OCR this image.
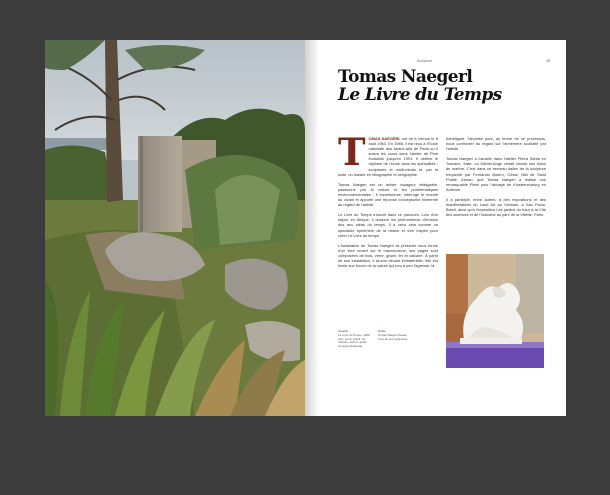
Sculpture	55
Tomas Naegerl
Le Livre du Temps

TOMAS NAEGERL est né à Vienne le 8 août 1963. En 1986, il est reçu à l'École nationale des beaux-arts de Paris où il suivra les cours dans l'atelier de Piotr Kowalski jusqu'en 1991. Il obtient le diplôme de l'école dans les spécialités : sculptures et multi-média et, par la suite, un master en lithographie et sérigraphie.

Tomas Naegerl est un artiste voyageur infatigable, passionné par la nature et les problématiques environnementales ; il expérimente, interroge le monde du vivant et apporte une réponse conceptuelle inhérente au regard de l'artiste.

Le Livre du Temps s'inscrit dans ce parcours. Lors d'un séjour en Afrique, il observe les phénomènes d'érosion dus aux aléas du temps. Il a vécu cela comme un spectacle éphémère de la nature et s'en inspire pour créer Le Livre du temps.

L'installation de Tomas Naegerl se présente sous forme d'un livre ouvert sur le macrocosme, ses pages sont composées de bois, verre, granit, fer et calcaire. À partir de son installation, il œuvre devant immatérielle, elle est livrée aux forces de la nature qui peu à peu l'agresse, la

transfigure, l'atomise pour, au terme de ce processus, nous confronter au regard sur l'éphémère souhaité par l'artiste.

Tomas Naegerl a travaillé dans l'atelier Pietra Santa en Toscane, Italie, où Michel-Ange venait choisir ses blocs de marbre. C'est dans ce berceau italien de la sculpture fréquenté par Fernando Botero, César, Niki de Saint Phalle, Arman, que Tomas Naegerl a réalisé une remarquable Pietà pour l'abbaye de Klosterneuburg en Autriche.

Il a participé, entre autres, à des expositions et des manifestations du Land Art au Vietnam, à Sao Paulo, Brésil, ainsi qu'à l'exposition Les jardins du futur à la Cité des sciences et de l'industrie au parc de la Villette, Paris.

Gauche
Le Livre du Temps, 1996, bois, verre, granit, fer, calcaire, dans le jardin Georges-Delaselle.
Droite
Tomas Naegerl devant l'une de ses sculptures.
